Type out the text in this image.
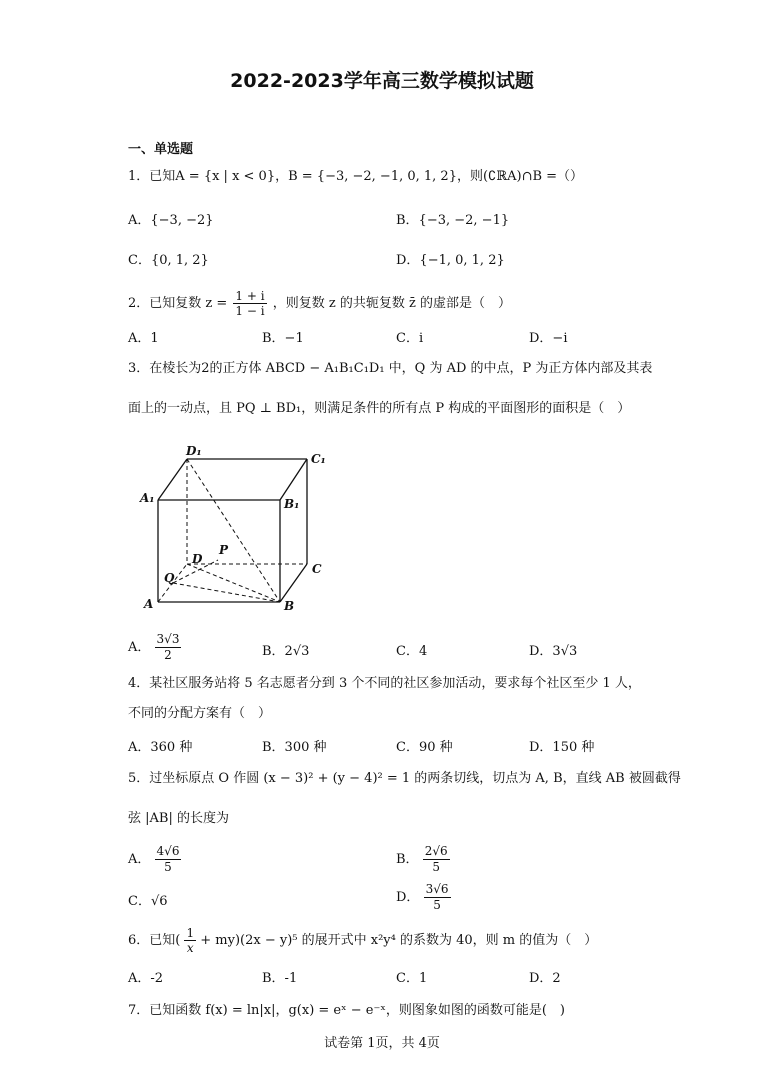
2022-2023学年高三数学模拟试题
一、单选题
1．已知A = {x | x < 0}，B = {−3, −2, −1, 0, 1, 2}，则(∁ℝA)∩B =（）
A．{−3, −2}	B．{−3, −2, −1}
C．{0, 1, 2}	D．{−1, 0, 1, 2}
2．已知复数 $z = \frac{1 + i}{1 - i}$ ，则复数 z 的共轭复数 z̄ 的虚部是（　）
A．1	B．−1	C．i	D．−i
3．在棱长为2的正方体 ABCD − A₁B₁C₁D₁ 中，Q 为 AD 的中点，P 为正方体内部及其表
面上的一动点，且 PQ ⊥ BD₁，则满足条件的所有点 P 构成的平面图形的面积是（　）
D₁
C₁
A₁	B₁
D
P
Q
C
A	B
A． $\frac{3√3}{2}$	B．2√3	C．4	D．3√3
4．某社区服务站将 5 名志愿者分到 3 个不同的社区参加活动，要求每个社区至少 1 人，
不同的分配方案有（　）
A．360 种	B．300 种	C．90 种	D．150 种
5．过坐标原点 O 作圆 (x − 3)² + (y − 4)² = 1 的两条切线，切点为 A, B，直线 AB 被圆截得
弦 |AB| 的长度为
A． $\frac{4√6}{5}$	B． $\frac{2√6}{5}$
C．√6	D． $\frac{3√6}{5}$
6．已知( $\frac{1}{x} + my)(2x - y)^5$ 的展开式中 x²y⁴ 的系数为 40，则 m 的值为（　）
A．-2	B．-1	C．1	D．2
7．已知函数 f(x) = ln|x|，g(x) = eˣ − e⁻ˣ，则图象如图的函数可能是(　)
试卷第 1页，共 4页
